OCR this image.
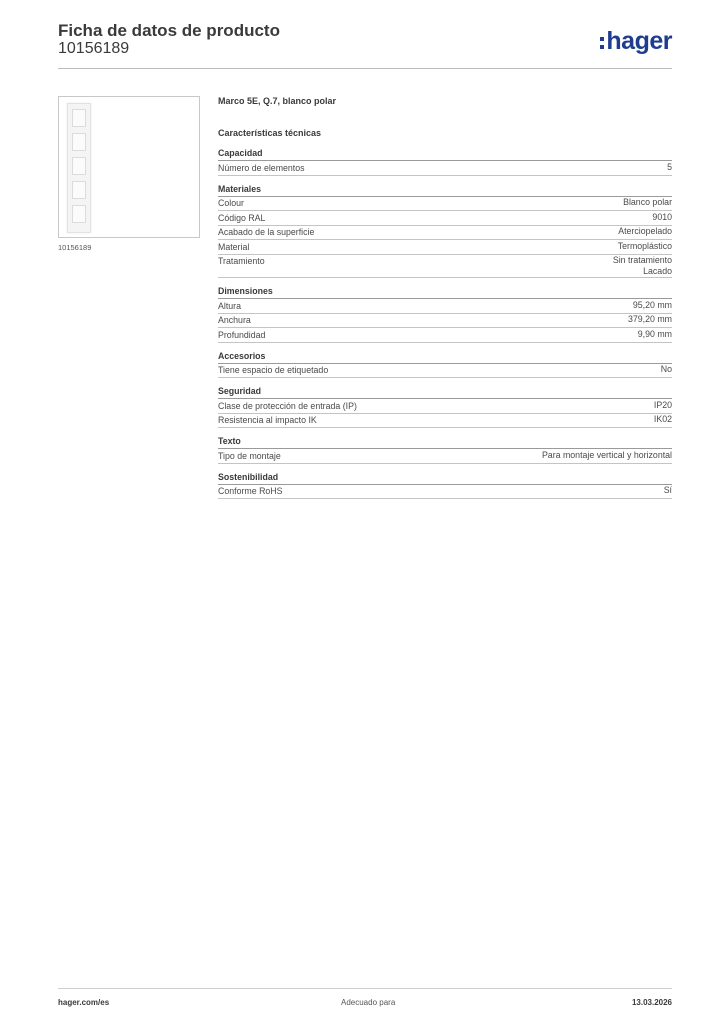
Ficha de datos de producto
10156189	hager
10156189
Marco 5E, Q.7, blanco polar
Características técnicas
Capacidad
Número de elementos	5
Materiales
Colour	Blanco polar
Código RAL	9010
Acabado de la superficie	Aterciopelado
Material	Termoplástico
Tratamiento	Sin tratamiento
Lacado
Dimensiones
Altura	95,20 mm
Anchura	379,20 mm
Profundidad	9,90 mm
Accesorios
Tiene espacio de etiquetado	No
Seguridad
Clase de protección de entrada (IP)	IP20
Resistencia al impacto IK	IK02
Texto
Tipo de montaje	Para montaje vertical y horizontal
Sostenibilidad
Conforme RoHS	Sí
hager.com/es	Adecuado para	13.03.2026
